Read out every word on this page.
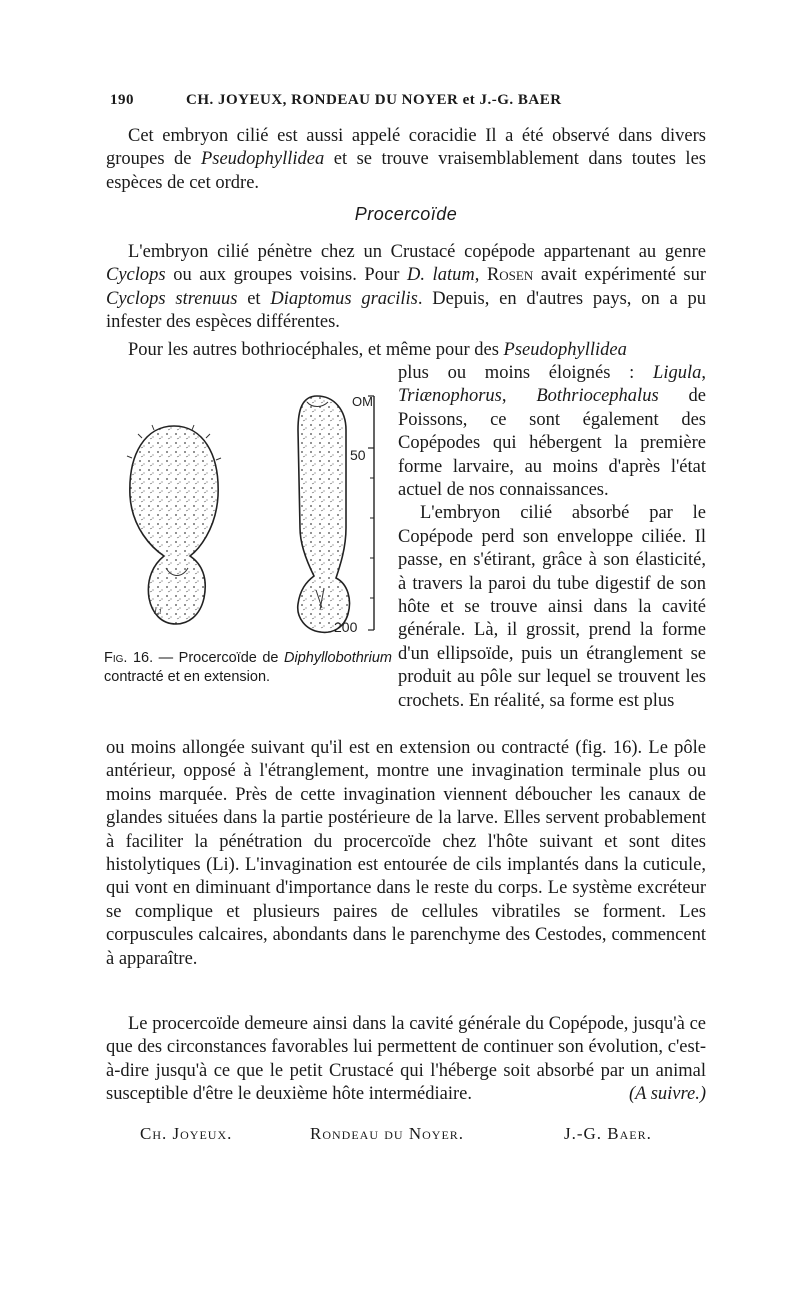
190	CH. JOYEUX, RONDEAU DU NOYER et J.-G. BAER
Cet embryon cilié est aussi appelé coracidie Il a été observé dans divers groupes de Pseudophyllidea et se trouve vraisemblablement dans toutes les espèces de cet ordre.
Procercoïde
L'embryon cilié pénètre chez un Crustacé copépode appartenant au genre Cyclops ou aux groupes voisins. Pour D. latum, Rosen avait expérimenté sur Cyclops strenuus et Diaptomus gracilis. Depuis, en d'autres pays, on a pu infester des espèces différentes.
Pour les autres bothriocéphales, et même pour des Pseudophyllidea
plus ou moins éloignés : Ligula, Triænophorus, Bothriocephalus de Poissons, ce sont également des Copépodes qui hébergent la première forme larvaire, au moins d'après l'état actuel de nos connaissances.
L'embryon cilié absorbé par le Copépode perd son enveloppe ciliée. Il passe, en s'étirant, grâce à son élasticité, à travers la paroi du tube digestif de son hôte et se trouve ainsi dans la cavité générale. Là, il grossit, prend la forme d'un ellipsoïde, puis un étranglement se produit au pôle sur lequel se trouvent les crochets. En réalité, sa forme est plus
OM
50
200
Li
Fig. 16. — Procercoïde de Diphyllobothrium contracté et en extension.
ou moins allongée suivant qu'il est en extension ou contracté (fig. 16). Le pôle antérieur, opposé à l'étranglement, montre une invagination terminale plus ou moins marquée. Près de cette invagination viennent déboucher les canaux de glandes situées dans la partie postérieure de la larve. Elles servent probablement à faciliter la pénétration du procercoïde chez l'hôte suivant et sont dites histolytiques (Li). L'invagination est entourée de cils implantés dans la cuticule, qui vont en diminuant d'importance dans le reste du corps. Le système excréteur se complique et plusieurs paires de cellules vibratiles se forment. Les corpuscules calcaires, abondants dans le parenchyme des Cestodes, commencent à apparaître.
Le procercoïde demeure ainsi dans la cavité générale du Copépode, jusqu'à ce que des circonstances favorables lui permettent de continuer son évolution, c'est-à-dire jusqu'à ce que le petit Crustacé qui l'héberge soit absorbé par un animal susceptible d'être le deuxième hôte intermédiaire.	(A suivre.)
Ch. Joyeux.	Rondeau du Noyer.	J.-G. Baer.
